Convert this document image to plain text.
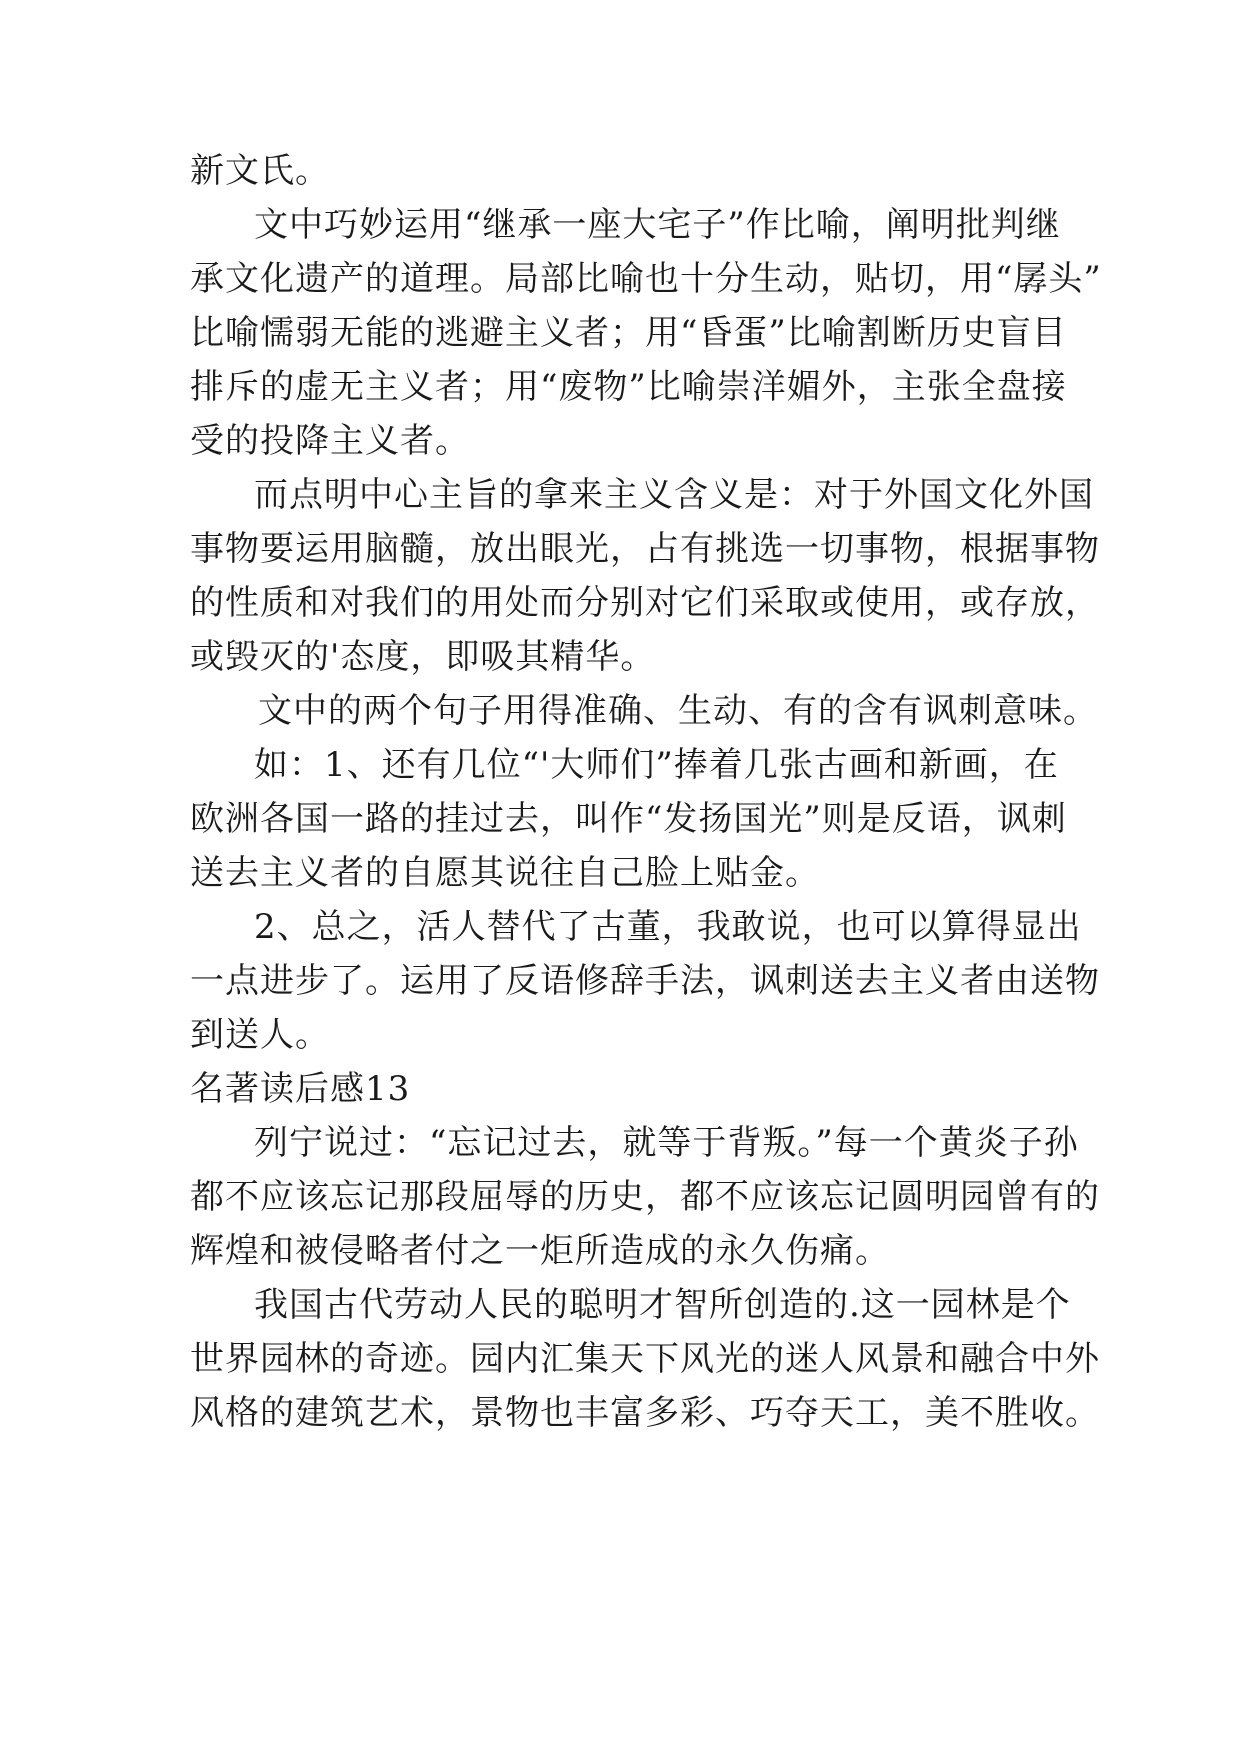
新文氏。
文中巧妙运用“继承一座大宅子”作比喻，阐明批判继
承文化遗产的道理。局部比喻也十分生动，贴切，用“孱头”
比喻懦弱无能的逃避主义者；用“昏蛋”比喻割断历史盲目
排斥的虚无主义者；用“废物”比喻崇洋媚外，主张全盘接
受的投降主义者。
而点明中心主旨的拿来主义含义是：对于外国文化外国
事物要运用脑髓，放出眼光，占有挑选一切事物，根据事物
的性质和对我们的用处而分别对它们采取或使用，或存放，
或毁灭的'态度，即吸其精华。
文中的两个句子用得准确、生动、有的含有讽刺意味。
如：1、还有几位“'大师们”捧着几张古画和新画，在
欧洲各国一路的挂过去，叫作“发扬国光”则是反语，讽刺
送去主义者的自愿其说往自己脸上贴金。
2、总之，活人替代了古董，我敢说，也可以算得显出
一点进步了。运用了反语修辞手法，讽刺送去主义者由送物
到送人。
名著读后感13
列宁说过：“忘记过去，就等于背叛。”每一个黄炎子孙
都不应该忘记那段屈辱的历史，都不应该忘记圆明园曾有的
辉煌和被侵略者付之一炬所造成的永久伤痛。
我国古代劳动人民的聪明才智所创造的.这一园林是个
世界园林的奇迹。园内汇集天下风光的迷人风景和融合中外
风格的建筑艺术，景物也丰富多彩、巧夺天工，美不胜收。
